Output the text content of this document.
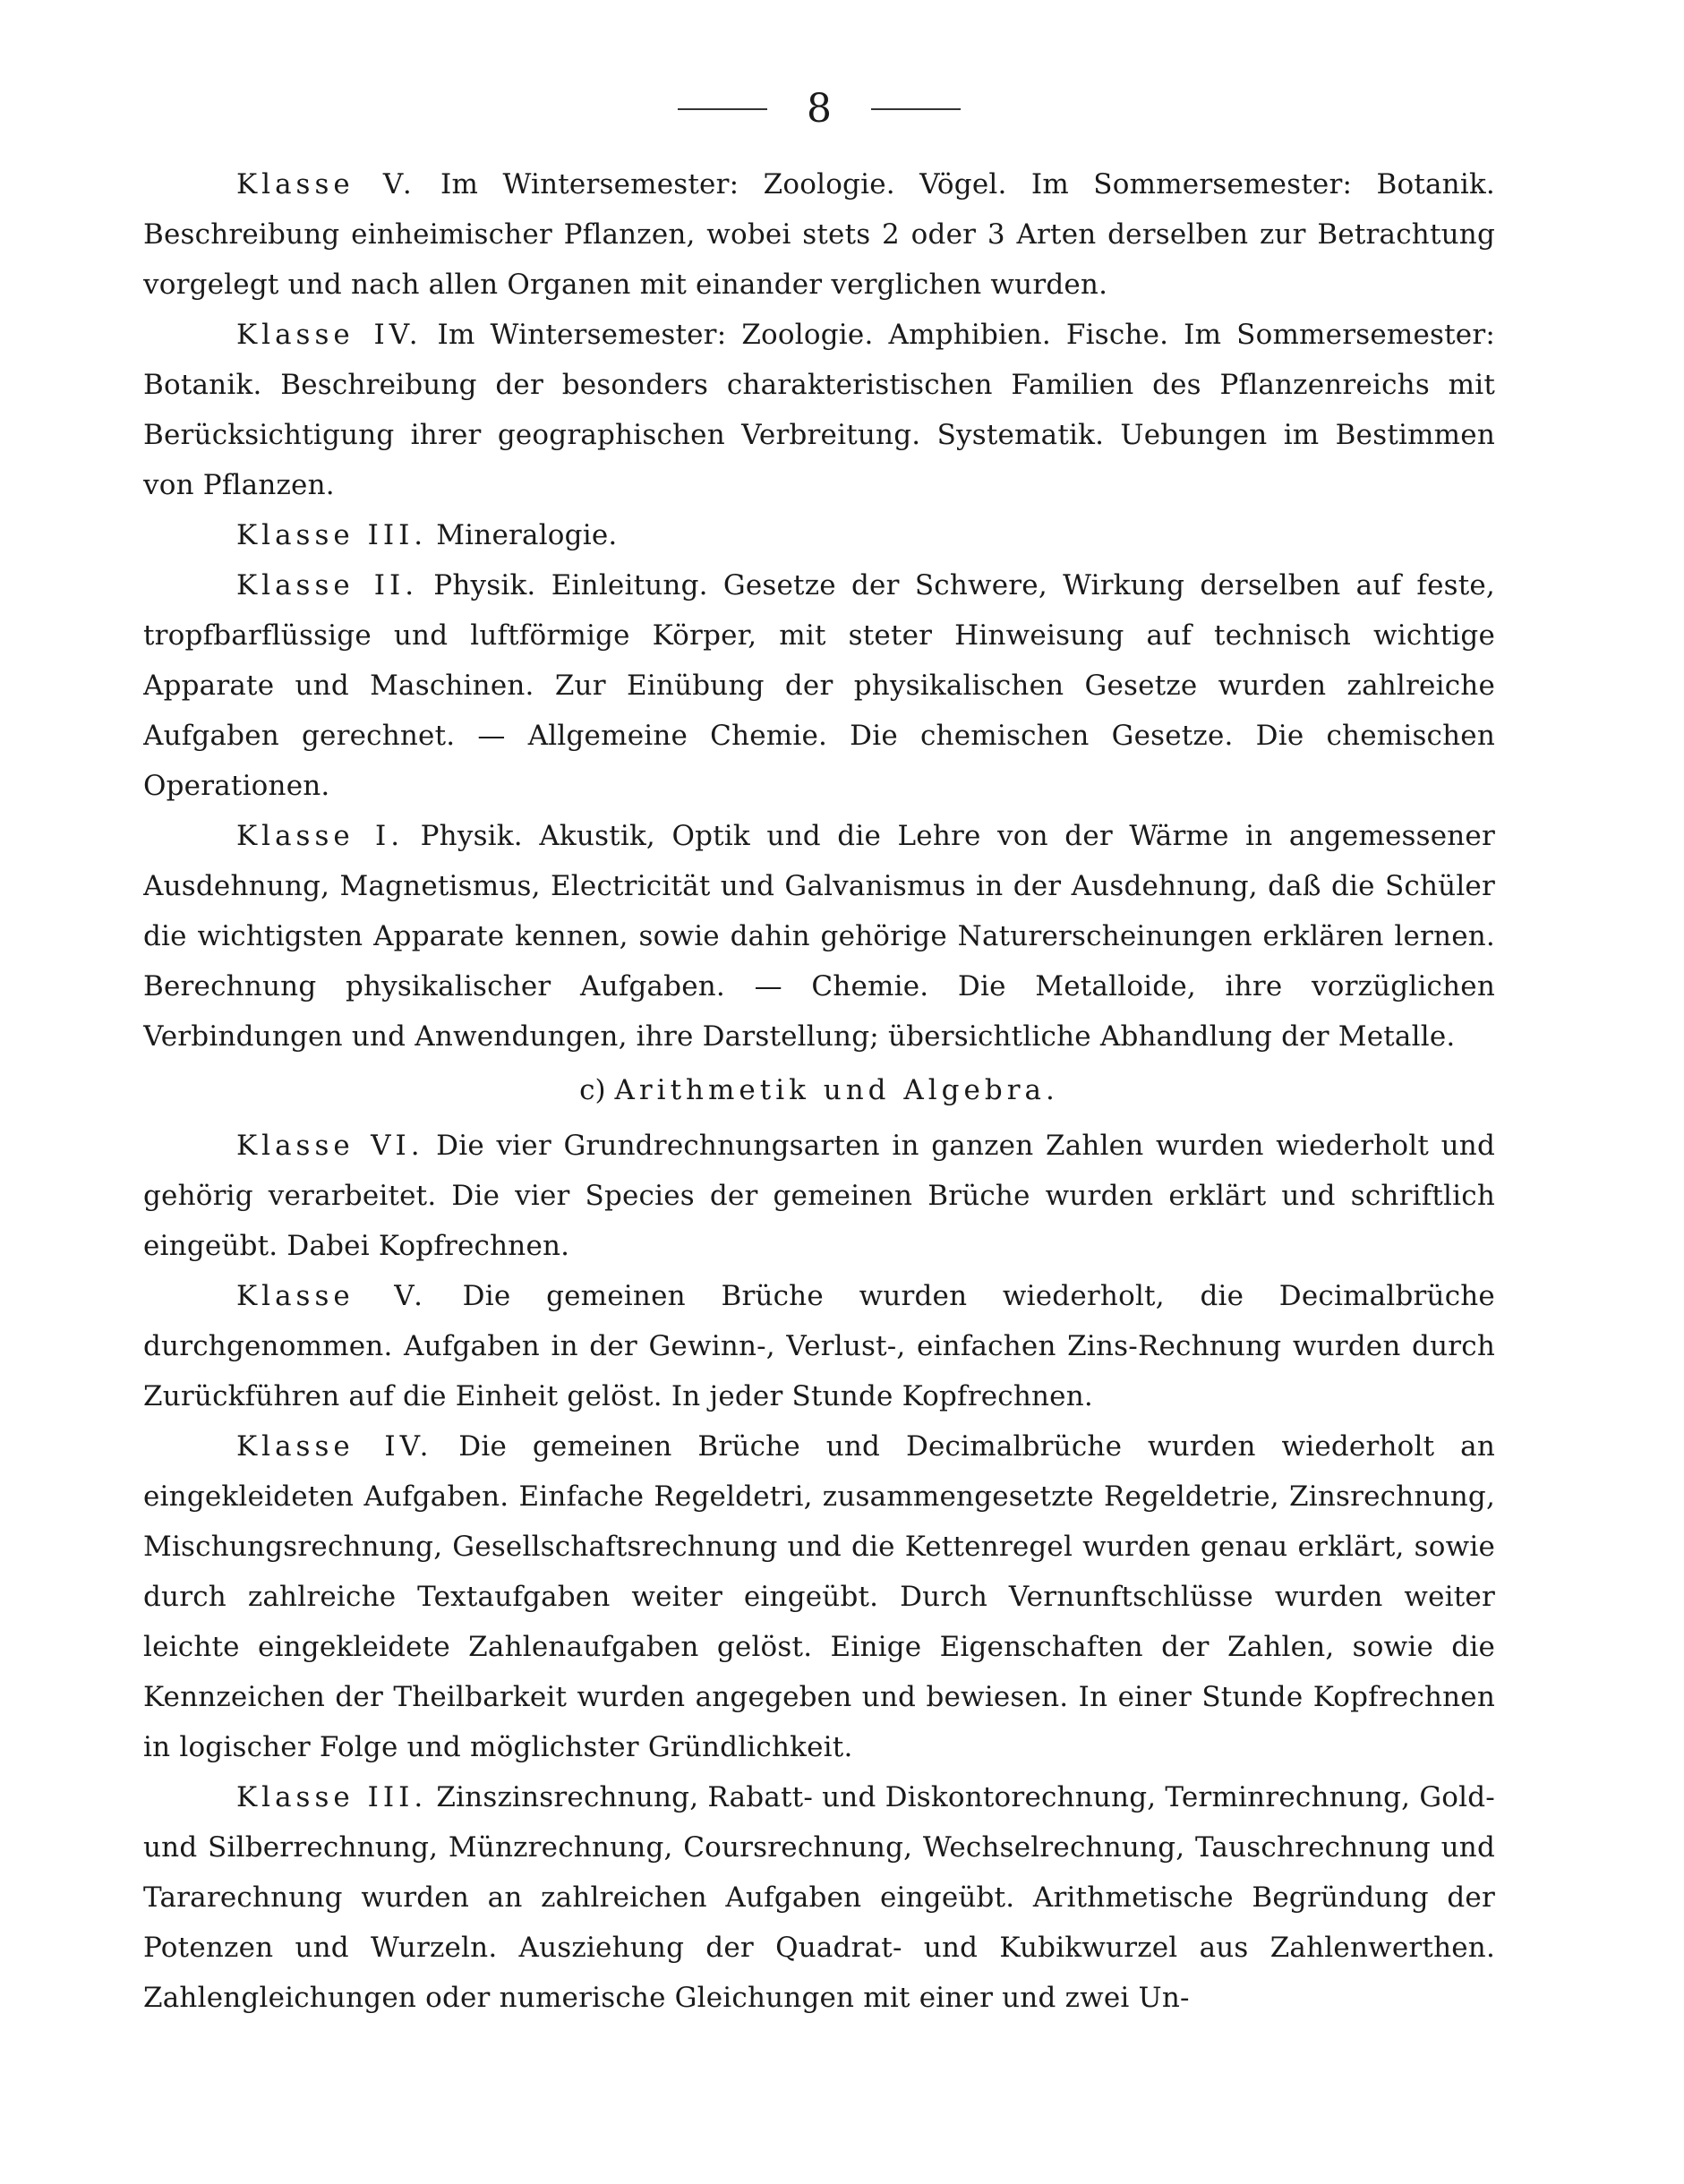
8

Klasse V. Im Wintersemester: Zoologie. Vögel. Im Sommersemester: Botanik. Beschreibung einheimischer Pflanzen, wobei stets 2 oder 3 Arten derselben zur Betrachtung vorgelegt und nach allen Organen mit einander verglichen wurden.

Klasse IV. Im Wintersemester: Zoologie. Amphibien. Fische. Im Sommersemester: Botanik. Beschreibung der besonders charakteristischen Familien des Pflanzenreichs mit Berücksichtigung ihrer geographischen Verbreitung. Systematik. Uebungen im Bestimmen von Pflanzen.

Klasse III. Mineralogie.

Klasse II. Physik. Einleitung. Gesetze der Schwere, Wirkung derselben auf feste, tropfbarflüssige und luftförmige Körper, mit steter Hinweisung auf technisch wichtige Apparate und Maschinen. Zur Einübung der physikalischen Gesetze wurden zahlreiche Aufgaben gerechnet. — Allgemeine Chemie. Die chemischen Gesetze. Die chemischen Operationen.

Klasse I. Physik. Akustik, Optik und die Lehre von der Wärme in angemessener Ausdehnung, Magnetismus, Electricität und Galvanismus in der Ausdehnung, daß die Schüler die wichtigsten Apparate kennen, sowie dahin gehörige Naturerscheinungen erklären lernen. Berechnung physikalischer Aufgaben. — Chemie. Die Metalloide, ihre vorzüglichen Verbindungen und Anwendungen, ihre Darstellung; übersichtliche Abhandlung der Metalle.

c) Arithmetik und Algebra.

Klasse VI. Die vier Grundrechnungsarten in ganzen Zahlen wurden wiederholt und gehörig verarbeitet. Die vier Species der gemeinen Brüche wurden erklärt und schriftlich eingeübt. Dabei Kopfrechnen.

Klasse V. Die gemeinen Brüche wurden wiederholt, die Decimalbrüche durchgenommen. Aufgaben in der Gewinn-, Verlust-, einfachen Zins-Rechnung wurden durch Zurückführen auf die Einheit gelöst. In jeder Stunde Kopfrechnen.

Klasse IV. Die gemeinen Brüche und Decimalbrüche wurden wiederholt an eingekleideten Aufgaben. Einfache Regeldetri, zusammengesetzte Regeldetrie, Zinsrechnung, Mischungsrechnung, Gesellschaftsrechnung und die Kettenregel wurden genau erklärt, sowie durch zahlreiche Textaufgaben weiter eingeübt. Durch Vernunftschlüsse wurden weiter leichte eingekleidete Zahlenaufgaben gelöst. Einige Eigenschaften der Zahlen, sowie die Kennzeichen der Theilbarkeit wurden angegeben und bewiesen. In einer Stunde Kopfrechnen in logischer Folge und möglichster Gründlichkeit.

Klasse III. Zinszinsrechnung, Rabatt- und Diskontorechnung, Terminrechnung, Gold- und Silberrechnung, Münzrechnung, Coursrechnung, Wechselrechnung, Tauschrechnung und Tararechnung wurden an zahlreichen Aufgaben eingeübt. Arithmetische Begründung der Potenzen und Wurzeln. Ausziehung der Quadrat- und Kubikwurzel aus Zahlenwerthen. Zahlengleichungen oder numerische Gleichungen mit einer und zwei Un-
